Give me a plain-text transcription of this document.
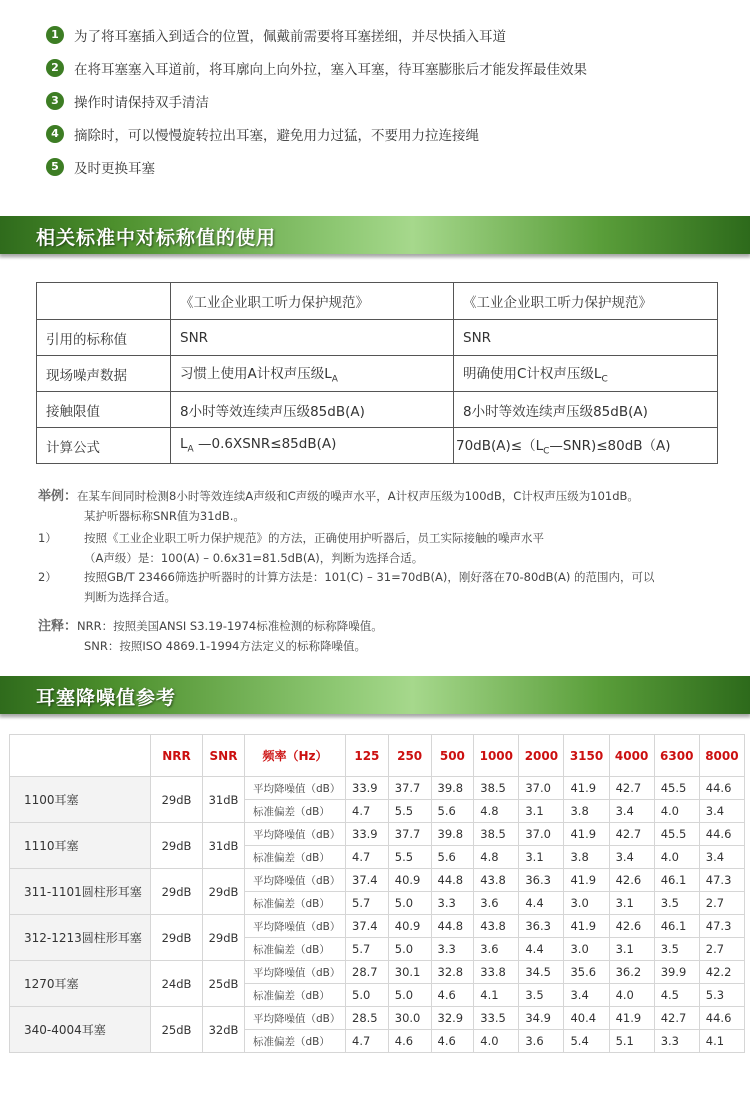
1	为了将耳塞插入到适合的位置，佩戴前需要将耳塞搓细，并尽快插入耳道
2	在将耳塞塞入耳道前，将耳廓向上向外拉，塞入耳塞，待耳塞膨胀后才能发挥最佳效果
3	操作时请保持双手清洁
4	摘除时，可以慢慢旋转拉出耳塞，避免用力过猛，不要用力拉连接绳
5	及时更换耳塞
相关标准中对标称值的使用
	《工业企业职工听力保护规范》	《工业企业职工听力保护规范》
引用的标称值	SNR	SNR
现场噪声数据	习惯上使用A计权声压级$L_A$	明确使用C计权声压级$L_C$
接触限值	8小时等效连续声压级85dB(A)	8小时等效连续声压级85dB(A)
计算公式	$L_A$ —0.6XSNR≤85dB(A)	$70dB(A)\le(L_C—SNR)\le 80dB(A)$
举例：在某车间同时检测8小时等效连续A声级和C声级的噪声水平，A计权声压级为100dB，C计权声压级为101dB。
某护听器标称SNR值为31dB.。
1） 按照《工业企业职工听力保护规范》的方法，正确使用护听器后，员工实际接触的噪声水平
（A声级）是：100(A) – 0.6x31=81.5dB(A)，判断为选择合适。
2） 按照GB/T 23466筛选护听器时的计算方法是：101(C) – 31=70dB(A)，刚好落在70-80dB(A) 的范围内，可以
判断为选择合适。
注释：NRR：按照美国ANSI S3.19-1974标准检测的标称降噪值。
SNR：按照ISO 4869.1-1994方法定义的标称降噪值。
耳塞降噪值参考
	NRR	SNR	频率（Hz）	125	250	500	1000	2000	3150	4000	6300	8000
1100耳塞	29dB	31dB	平均降噪值（dB）	33.9	37.7	39.8	38.5	37.0	41.9	42.7	45.5	44.6
			标准偏差（dB）	4.7	5.5	5.6	4.8	3.1	3.8	3.4	4.0	3.4
1110耳塞	29dB	31dB	平均降噪值（dB）	33.9	37.7	39.8	38.5	37.0	41.9	42.7	45.5	44.6
			标准偏差（dB）	4.7	5.5	5.6	4.8	3.1	3.8	3.4	4.0	3.4
311-1101圆柱形耳塞	29dB	29dB	平均降噪值（dB）	37.4	40.9	44.8	43.8	36.3	41.9	42.6	46.1	47.3
			标准偏差（dB）	5.7	5.0	3.3	3.6	4.4	3.0	3.1	3.5	2.7
312-1213圆柱形耳塞	29dB	29dB	平均降噪值（dB）	37.4	40.9	44.8	43.8	36.3	41.9	42.6	46.1	47.3
			标准偏差（dB）	5.7	5.0	3.3	3.6	4.4	3.0	3.1	3.5	2.7
1270耳塞	24dB	25dB	平均降噪值（dB）	28.7	30.1	32.8	33.8	34.5	35.6	36.2	39.9	42.2
			标准偏差（dB）	5.0	5.0	4.6	4.1	3.5	3.4	4.0	4.5	5.3
340-4004耳塞	25dB	32dB	平均降噪值（dB）	28.5	30.0	32.9	33.5	34.9	40.4	41.9	42.7	44.6
			标准偏差（dB）	4.7	4.6	4.6	4.0	3.6	5.4	5.1	3.3	4.1
